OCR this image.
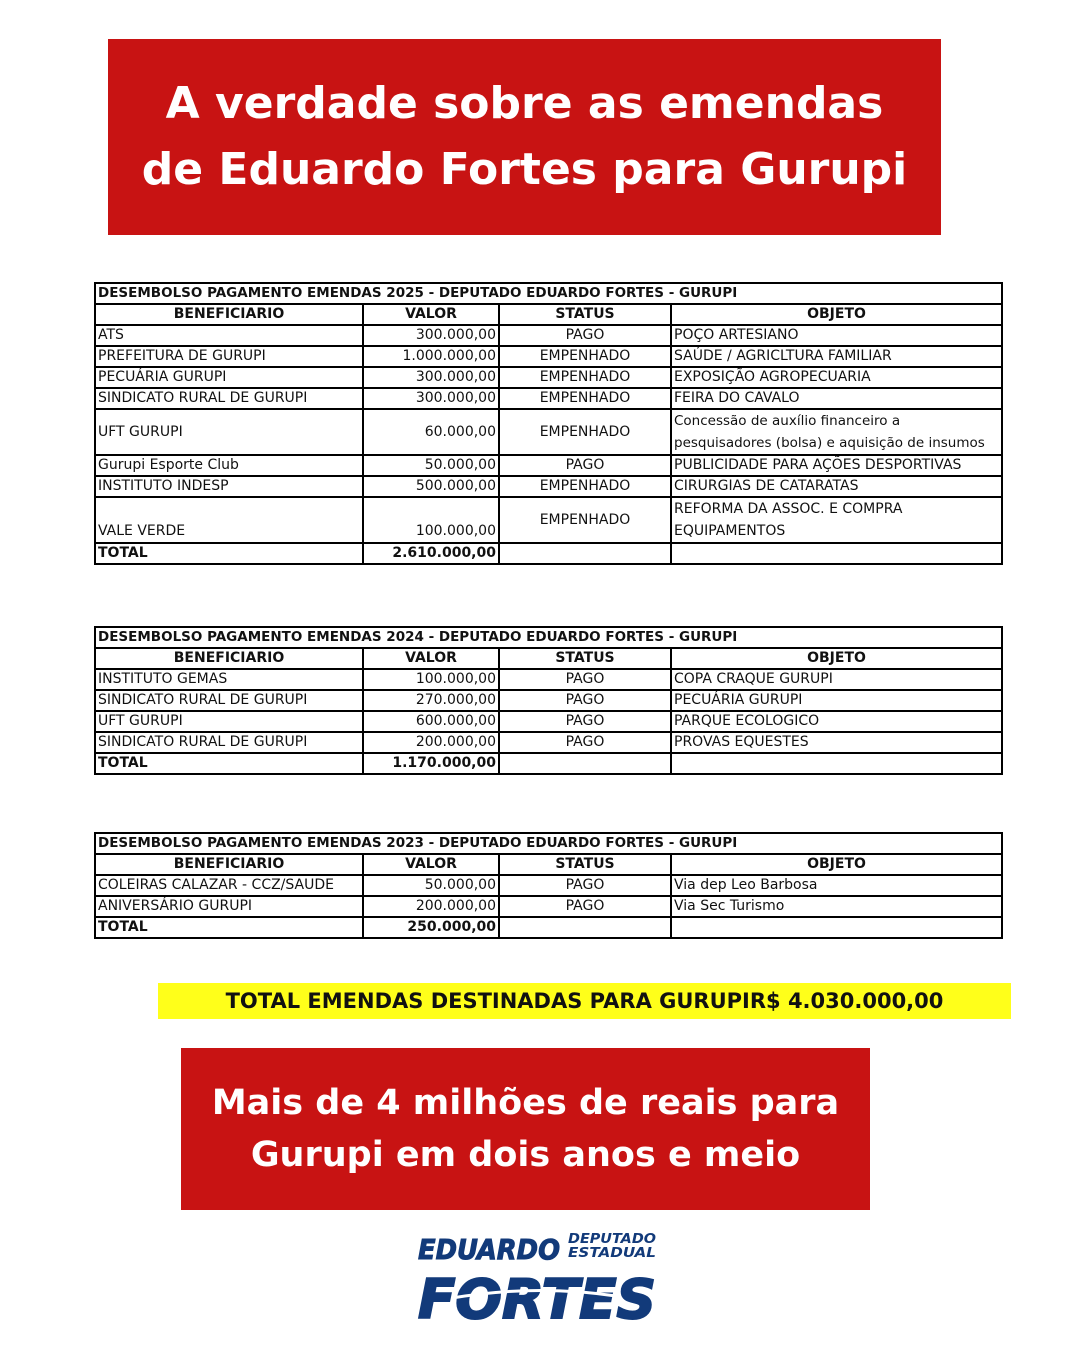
A verdade sobre as emendas de Eduardo Fortes para Gurupi
DESEMBOLSO PAGAMENTO EMENDAS 2025 - DEPUTADO EDUARDO FORTES - GURUPI			
BENEFICIARIO	VALOR	STATUS	OBJETO
ATS	300.000,00	PAGO	POÇO ARTESIANO
PREFEITURA DE GURUPI	1.000.000,00	EMPENHADO	SAÚDE / AGRICLTURA FAMILIAR
PECUÁRIA GURUPI	300.000,00	EMPENHADO	EXPOSIÇÃO AGROPECUARIA
SINDICATO RURAL DE GURUPI	300.000,00	EMPENHADO	FEIRA DO CAVALO
UFT GURUPI	60.000,00	EMPENHADO	Concessão de auxílio financeiro a pesquisadores (bolsa) e aquisição de insumos
Gurupi Esporte Club	50.000,00	PAGO	PUBLICIDADE PARA AÇÕES DESPORTIVAS
INSTITUTO INDESP	500.000,00	EMPENHADO	CIRURGIAS DE CATARATAS
VALE VERDE	100.000,00	EMPENHADO	REFORMA DA ASSOC. E COMPRA EQUIPAMENTOS
TOTAL	2.610.000,00		
DESEMBOLSO PAGAMENTO EMENDAS 2024 - DEPUTADO EDUARDO FORTES - GURUPI			
BENEFICIARIO	VALOR	STATUS	OBJETO
INSTITUTO GEMAS	100.000,00	PAGO	COPA CRAQUE GURUPI
SINDICATO RURAL DE GURUPI	270.000,00	PAGO	PECUÁRIA GURUPI
UFT GURUPI	600.000,00	PAGO	PARQUE ECOLOGICO
SINDICATO RURAL DE GURUPI	200.000,00	PAGO	PROVAS EQUESTES
TOTAL	1.170.000,00		
DESEMBOLSO PAGAMENTO EMENDAS 2023 - DEPUTADO EDUARDO FORTES - GURUPI			
BENEFICIARIO	VALOR	STATUS	OBJETO
COLEIRAS CALAZAR - CCZ/SAUDE	50.000,00	PAGO	Via dep Leo Barbosa
ANIVERSÁRIO GURUPI	200.000,00	PAGO	Via Sec Turismo
TOTAL	250.000,00		
TOTAL EMENDAS DESTINADAS PARA GURUPIR$ 4.030.000,00
Mais de 4 milhões de reais para Gurupi em dois anos e meio
EDUARDO DEPUTADO
ESTADUAL
FORTES
